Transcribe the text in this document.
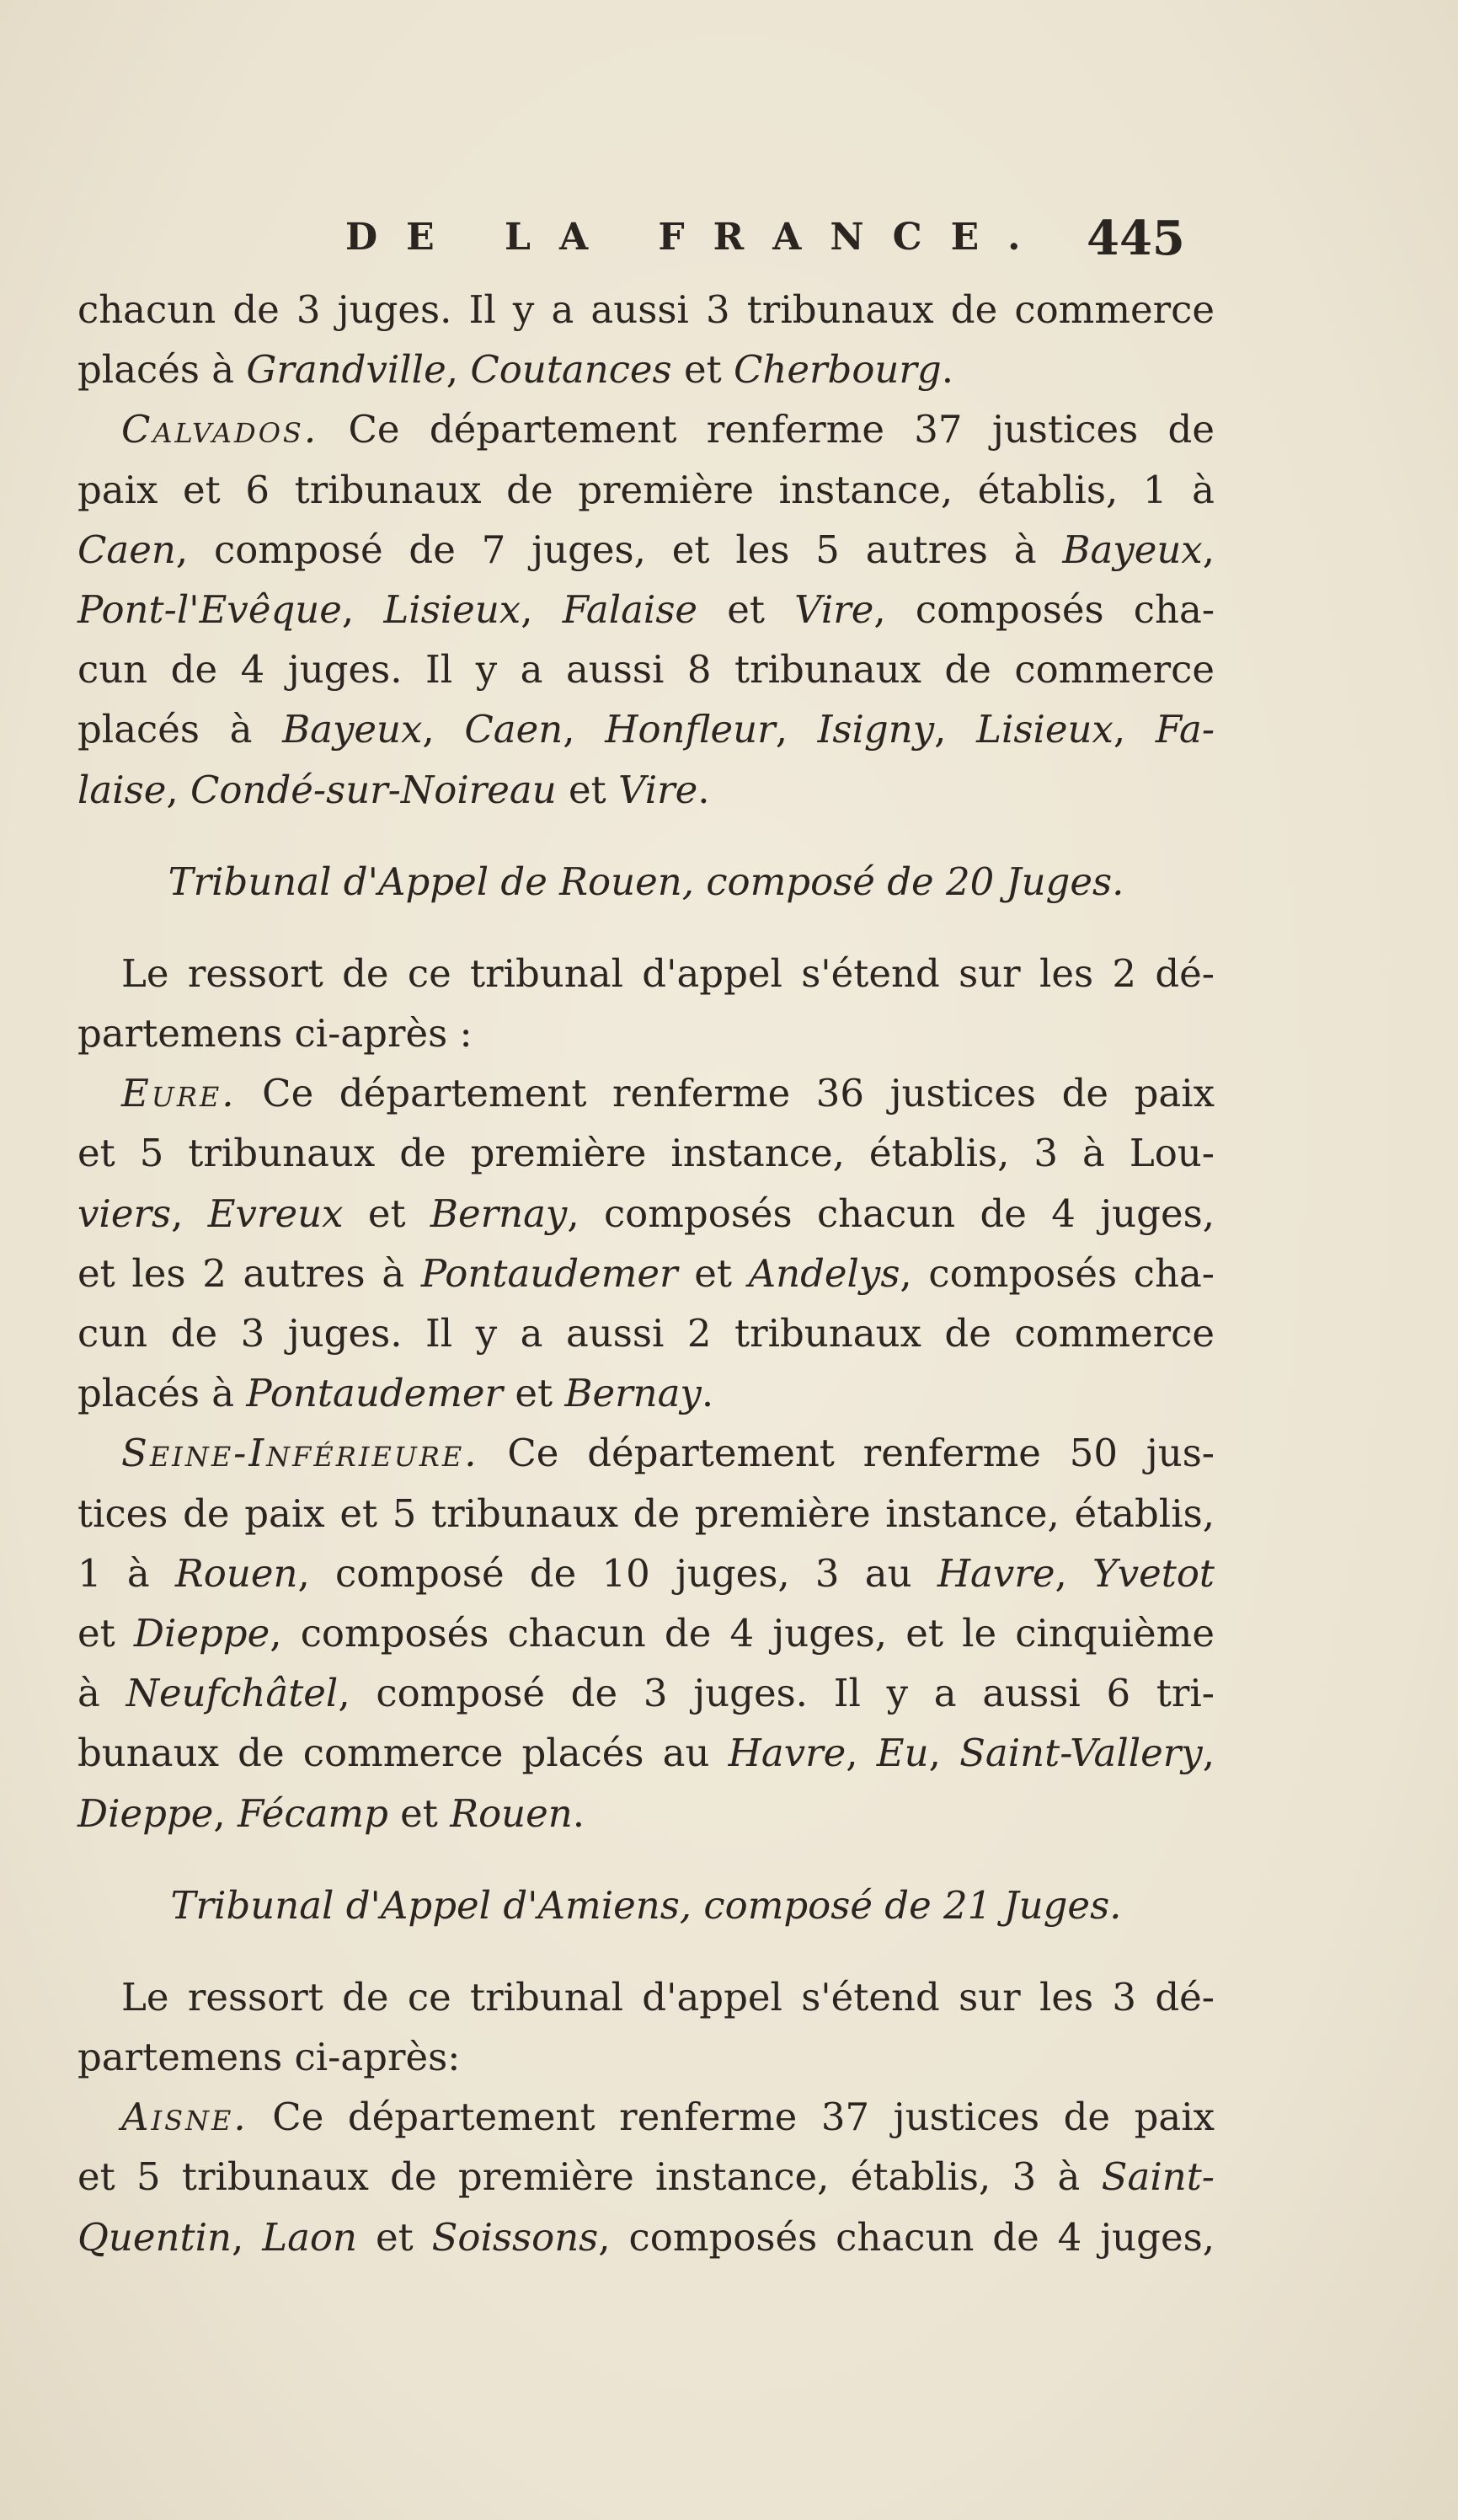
DE LA FRANCE. 445
chacun de 3 juges. Il y a aussi 3 tribunaux de commerce
placés à Grandville, Coutances et Cherbourg.
Calvados. Ce département renferme 37 justices de
paix et 6 tribunaux de première instance, établis, 1 à
Caen, composé de 7 juges, et les 5 autres à Bayeux,
Pont-l'Evêque, Lisieux, Falaise et Vire, composés cha-
cun de 4 juges. Il y a aussi 8 tribunaux de commerce
placés à Bayeux, Caen, Honfleur, Isigny, Lisieux, Fa-
laise, Condé-sur-Noireau et Vire.
Tribunal d'Appel de Rouen, composé de 20 Juges.
Le ressort de ce tribunal d'appel s'étend sur les 2 dé-
partemens ci-après :
Eure. Ce département renferme 36 justices de paix
et 5 tribunaux de première instance, établis, 3 à Lou-
viers, Evreux et Bernay, composés chacun de 4 juges,
et les 2 autres à Pontaudemer et Andelys, composés cha-
cun de 3 juges. Il y a aussi 2 tribunaux de commerce
placés à Pontaudemer et Bernay.
Seine-Inférieure. Ce département renferme 50 jus-
tices de paix et 5 tribunaux de première instance, établis,
1 à Rouen, composé de 10 juges, 3 au Havre, Yvetot
et Dieppe, composés chacun de 4 juges, et le cinquième
à Neufchâtel, composé de 3 juges. Il y a aussi 6 tri-
bunaux de commerce placés au Havre, Eu, Saint-Vallery,
Dieppe, Fécamp et Rouen.
Tribunal d'Appel d'Amiens, composé de 21 Juges.
Le ressort de ce tribunal d'appel s'étend sur les 3 dé-
partemens ci-après:
Aisne. Ce département renferme 37 justices de paix
et 5 tribunaux de première instance, établis, 3 à Saint-
Quentin, Laon et Soissons, composés chacun de 4 juges,
